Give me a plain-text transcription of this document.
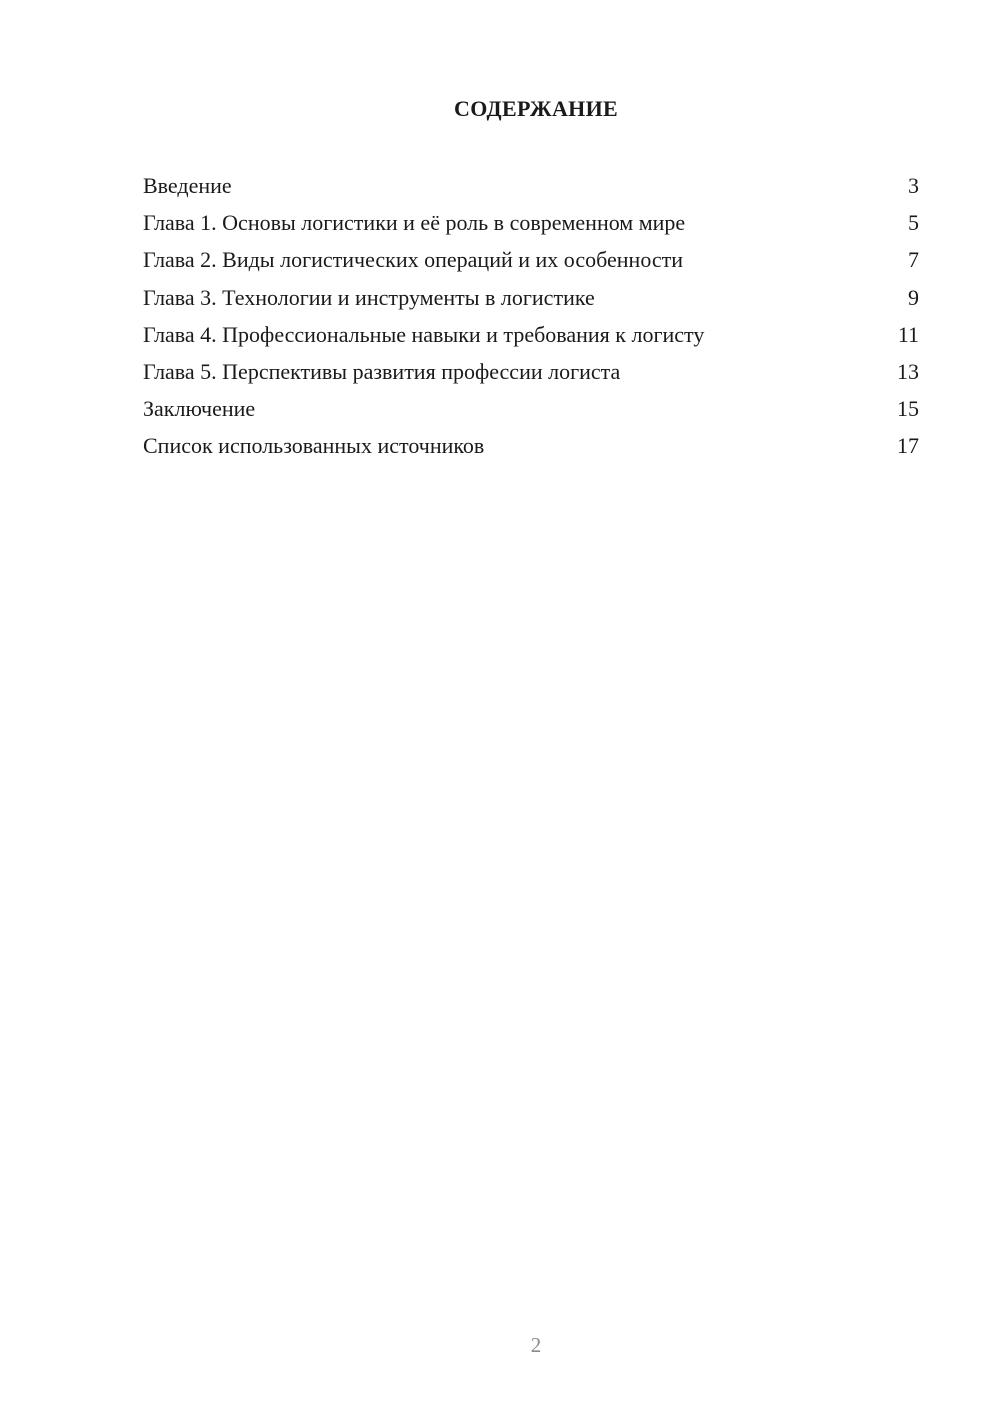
СОДЕРЖАНИЕ
Введение	3
Глава 1. Основы логистики и её роль в современном мире	5
Глава 2. Виды логистических операций и их особенности	7
Глава 3. Технологии и инструменты в логистике	9
Глава 4. Профессиональные навыки и требования к логисту	11
Глава 5. Перспективы развития профессии логиста	13
Заключение	15
Список использованных источников	17
2
